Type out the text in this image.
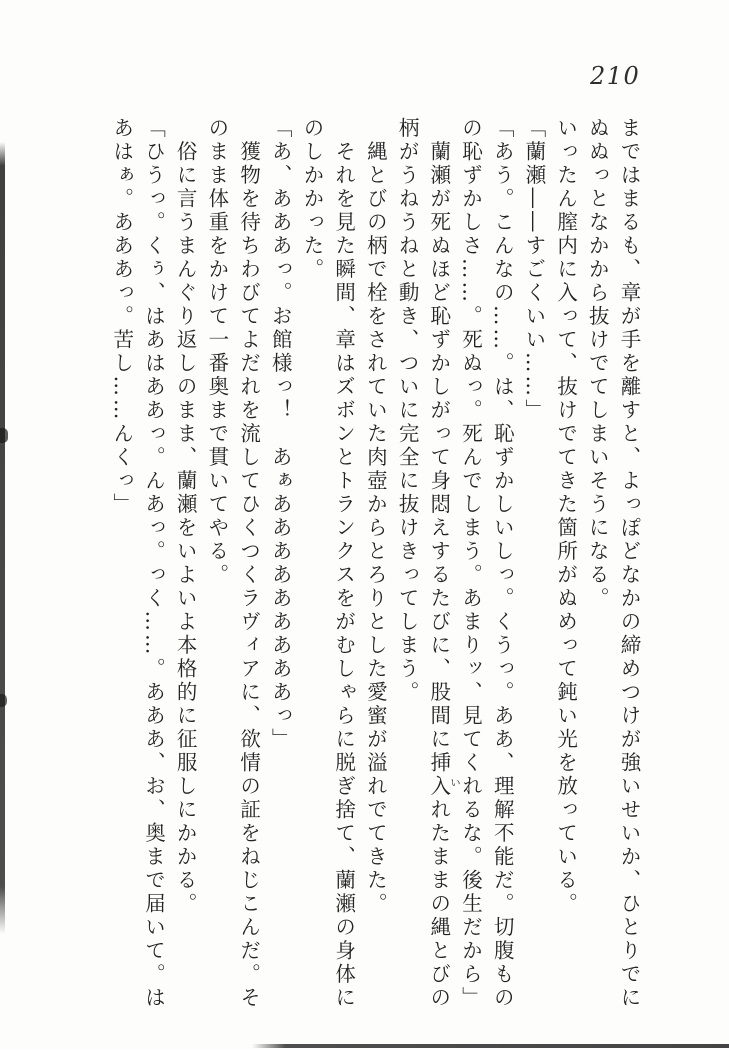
210
まではまるも、章が手を離すと、よっぽどなかの締めつけが強いせいか、ひとりでに
ぬぬっとなかから抜けでてしまいそうになる。
いったん膣内に入って、抜けでてきた箇所がぬめって鈍い光を放っている。
「蘭瀬――すごくいい……」
「あう。こんなの……。は、恥ずかしいしっ。くうっ。ああ、理解不能だ。切腹もの
の恥ずかしさ……。死ぬっ。死んでしまう。あまりッ、見てくれるな。後生だから」
　蘭瀬が死ぬほど恥ずかしがって身悶えするたびに、股間に挿入れたままの縄とびの
柄がうねうねと動き、ついに完全に抜けきってしまう。
　縄とびの柄で栓をされていた肉壺からとろりとした愛蜜が溢れでてきた。
　それを見た瞬間、章はズボンとトランクスをがむしゃらに脱ぎ捨て、蘭瀬の身体に
のしかかった。
「あ、あああっ。お館様っ！　あぁあああああああああっ」
　獲物を待ちわびてよだれを流してひくつくラヴィアに、欲情の証をねじこんだ。そ
のまま体重をかけて一番奥まで貫いてやる。
　俗に言うまんぐり返しのまま、蘭瀬をいよいよ本格的に征服しにかかる。
「ひうっ。くぅ、はあはああっ。んあっ。っく……。あああ、お、奥まで届いて。は
あはぁ。あああっ。苦し……んくっ」
い
